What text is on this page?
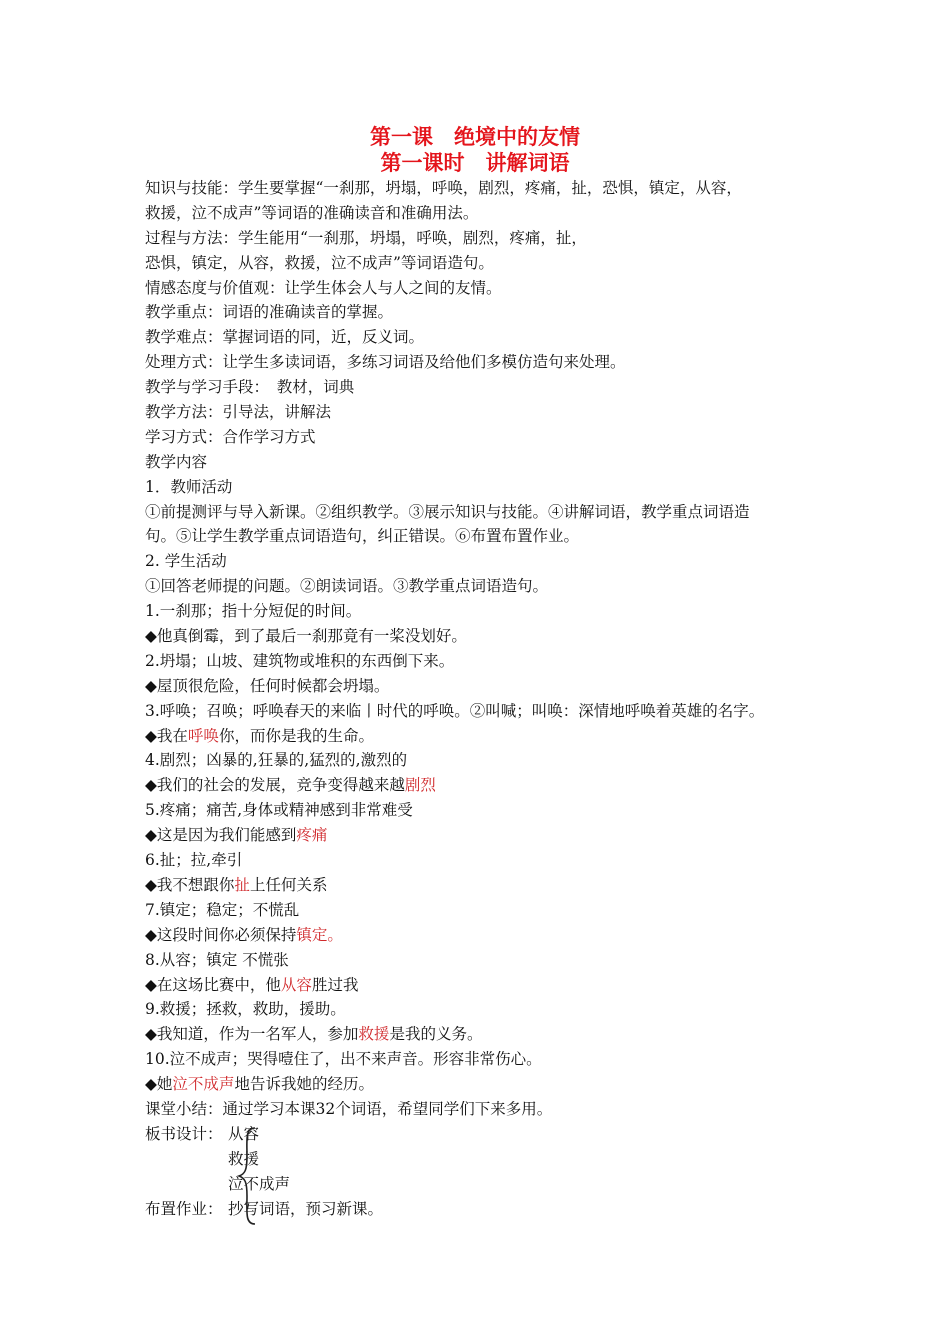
第一课　绝境中的友情
第一课时　讲解词语
知识与技能：学生要掌握“一刹那，坍塌，呼唤，剧烈，疼痛，扯，恐惧，镇定，从容，
救援，泣不成声”等词语的准确读音和准确用法。
过程与方法：学生能用“一刹那，坍塌，呼唤，剧烈，疼痛，扯，
恐惧，镇定，从容，救援，泣不成声”等词语造句。
情感态度与价值观：让学生体会人与人之间的友情。
教学重点：词语的准确读音的掌握。
教学难点：掌握词语的同，近，反义词。
处理方式：让学生多读词语，多练习词语及给他们多模仿造句来处理。
教学与学习手段：　教材，词典
教学方法：引导法，讲解法
学习方式：合作学习方式
教学内容
1．教师活动
①前提测评与导入新课。②组织教学。③展示知识与技能。④讲解词语，教学重点词语造
句。⑤让学生教学重点词语造句，纠正错误。⑥布置布置作业。
2. 学生活动
①回答老师提的问题。②朗读词语。③教学重点词语造句。
1.一刹那；指十分短促的时间。
◆他真倒霉，到了最后一刹那竟有一桨没划好。
2.坍塌；山坡、建筑物或堆积的东西倒下来。
◆屋顶很危险，任何时候都会坍塌。
3.呼唤；召唤；呼唤春天的来临丨时代的呼唤。②叫喊；叫唤：深情地呼唤着英雄的名字。
◆我在呼唤你，而你是我的生命。
4.剧烈；凶暴的,狂暴的,猛烈的,激烈的
◆我们的社会的发展，竞争变得越来越剧烈
5.疼痛；痛苦,身体或精神感到非常难受
◆这是因为我们能感到疼痛
6.扯；拉,牵引
◆我不想跟你扯上任何关系
7.镇定；稳定；不慌乱
◆这段时间你必须保持镇定。
8.从容；镇定 不慌张
◆在这场比赛中，他从容胜过我
9.救援；拯救，救助，援助。
◆我知道，作为一名军人，参加救援是我的义务。
10.泣不成声；哭得噎住了，出不来声音。形容非常伤心。
◆她泣不成声地告诉我她的经历。
课堂小结：通过学习本课32个词语，希望同学们下来多用。
板书设计： 从容
救援
泣不成声
布置作业： 抄写词语，预习新课。
